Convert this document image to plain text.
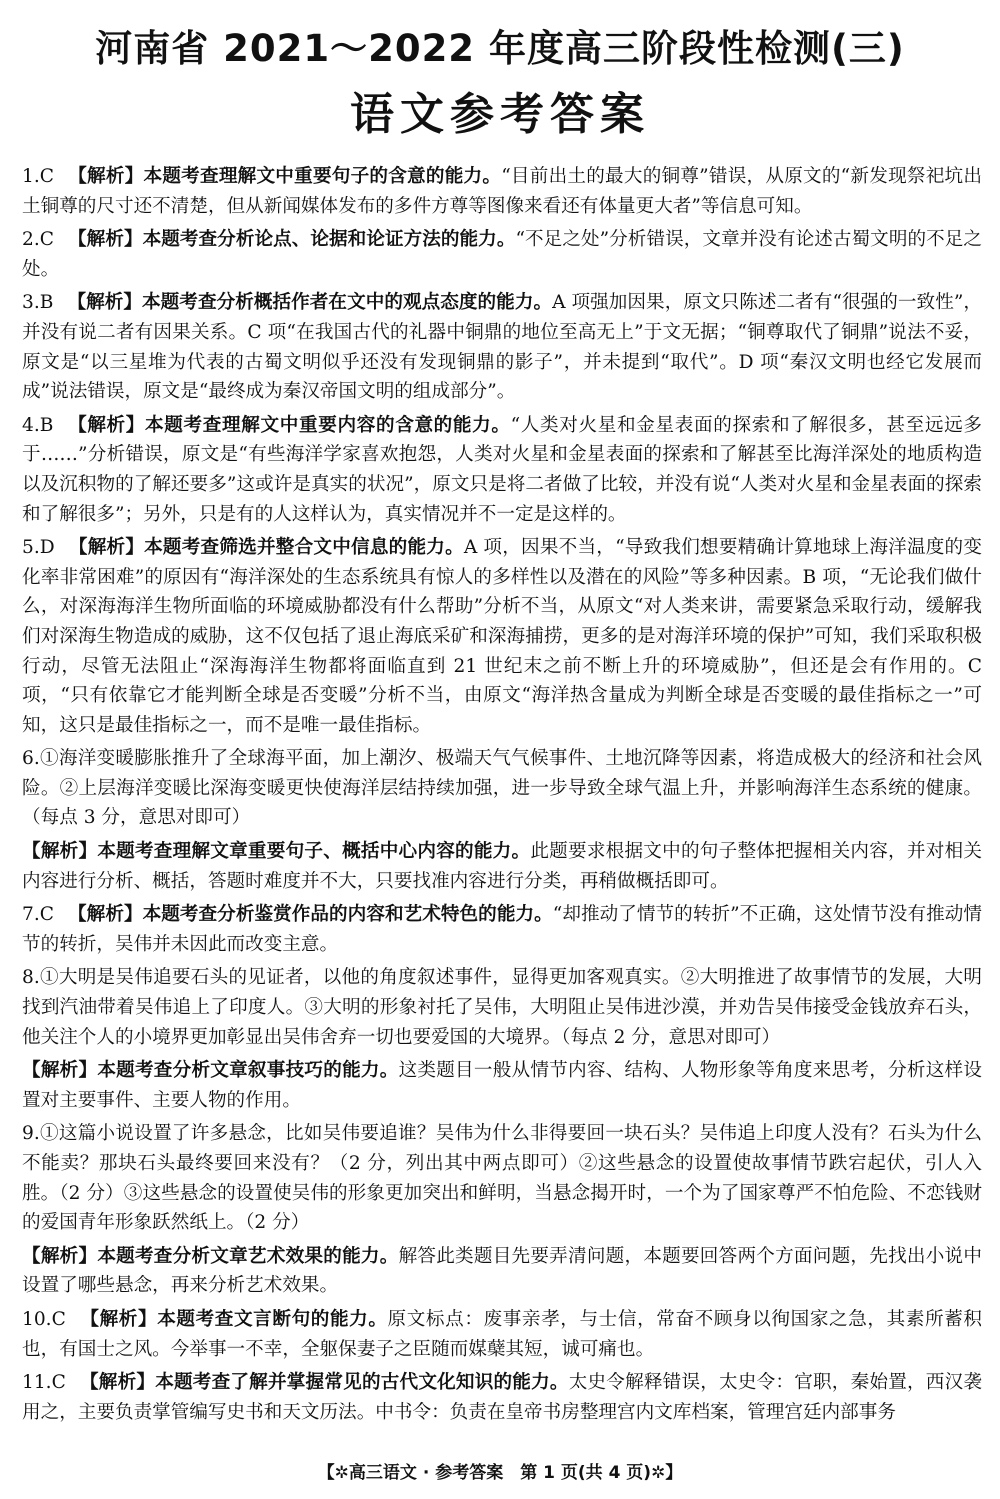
河南省 2021～2022 年度高三阶段性检测(三)
语文参考答案
1.C 【解析】本题考查理解文中重要句子的含意的能力。“目前出土的最大的铜尊”错误，从原文的“新发现祭祀坑出土铜尊的尺寸还不清楚，但从新闻媒体发布的多件方尊等图像来看还有体量更大者”等信息可知。
2.C 【解析】本题考查分析论点、论据和论证方法的能力。“不足之处”分析错误，文章并没有论述古蜀文明的不足之处。
3.B 【解析】本题考查分析概括作者在文中的观点态度的能力。A 项强加因果，原文只陈述二者有“很强的一致性”，并没有说二者有因果关系。C 项“在我国古代的礼器中铜鼎的地位至高无上”于文无据；“铜尊取代了铜鼎”说法不妥，原文是“以三星堆为代表的古蜀文明似乎还没有发现铜鼎的影子”，并未提到“取代”。D 项“秦汉文明也经它发展而成”说法错误，原文是“最终成为秦汉帝国文明的组成部分”。
4.B 【解析】本题考查理解文中重要内容的含意的能力。“人类对火星和金星表面的探索和了解很多，甚至远远多于……”分析错误，原文是“有些海洋学家喜欢抱怨，人类对火星和金星表面的探索和了解甚至比海洋深处的地质构造以及沉积物的了解还要多”这或许是真实的状况”，原文只是将二者做了比较，并没有说“人类对火星和金星表面的探索和了解很多”；另外，只是有的人这样认为，真实情况并不一定是这样的。
5.D 【解析】本题考查筛选并整合文中信息的能力。A 项，因果不当，“导致我们想要精确计算地球上海洋温度的变化率非常困难”的原因有“海洋深处的生态系统具有惊人的多样性以及潜在的风险”等多种因素。B 项，“无论我们做什么，对深海海洋生物所面临的环境威胁都没有什么帮助”分析不当，从原文“对人类来讲，需要紧急采取行动，缓解我们对深海生物造成的威胁，这不仅包括了退止海底采矿和深海捕捞，更多的是对海洋环境的保护”可知，我们采取积极行动，尽管无法阻止“深海海洋生物都将面临直到 21 世纪末之前不断上升的环境威胁”，但还是会有作用的。C 项，“只有依靠它才能判断全球是否变暖”分析不当，由原文“海洋热含量成为判断全球是否变暖的最佳指标之一”可知，这只是最佳指标之一，而不是唯一最佳指标。
6.①海洋变暖膨胀推升了全球海平面，加上潮汐、极端天气气候事件、土地沉降等因素，将造成极大的经济和社会风险。②上层海洋变暖比深海变暖更快使海洋层结持续加强，进一步导致全球气温上升，并影响海洋生态系统的健康。（每点 3 分，意思对即可）
【解析】本题考查理解文章重要句子、概括中心内容的能力。此题要求根据文中的句子整体把握相关内容，并对相关内容进行分析、概括，答题时难度并不大，只要找准内容进行分类，再稍做概括即可。
7.C 【解析】本题考查分析鉴赏作品的内容和艺术特色的能力。“却推动了情节的转折”不正确，这处情节没有推动情节的转折，吴伟并未因此而改变主意。
8.①大明是吴伟追要石头的见证者，以他的角度叙述事件，显得更加客观真实。②大明推进了故事情节的发展，大明找到汽油带着吴伟追上了印度人。③大明的形象衬托了吴伟，大明阻止吴伟进沙漠，并劝告吴伟接受金钱放弃石头，他关注个人的小境界更加彰显出吴伟舍弃一切也要爱国的大境界。（每点 2 分，意思对即可）
【解析】本题考查分析文章叙事技巧的能力。这类题目一般从情节内容、结构、人物形象等角度来思考，分析这样设置对主要事件、主要人物的作用。
9.①这篇小说设置了许多悬念，比如吴伟要追谁？吴伟为什么非得要回一块石头？吴伟追上印度人没有？石头为什么不能卖？那块石头最终要回来没有？（2 分，列出其中两点即可）②这些悬念的设置使故事情节跌宕起伏，引人入胜。（2 分）③这些悬念的设置使吴伟的形象更加突出和鲜明，当悬念揭开时，一个为了国家尊严不怕危险、不恋钱财的爱国青年形象跃然纸上。（2 分）
【解析】本题考查分析文章艺术效果的能力。解答此类题目先要弄清问题，本题要回答两个方面问题，先找出小说中设置了哪些悬念，再来分析艺术效果。
10.C 【解析】本题考查文言断句的能力。原文标点：废事亲孝，与士信，常奋不顾身以徇国家之急，其素所蓄积也，有国士之风。今举事一不幸，全躯保妻子之臣随而媒蘖其短，诚可痛也。
11.C 【解析】本题考查了解并掌握常见的古代文化知识的能力。太史令解释错误，太史令：官职，秦始置，西汉袭用之，主要负责掌管编写史书和天文历法。中书令：负责在皇帝书房整理宫内文库档案，管理宫廷内部事务
【✲高三语文 · 参考答案　第 1 页(共 4 页)✲】
